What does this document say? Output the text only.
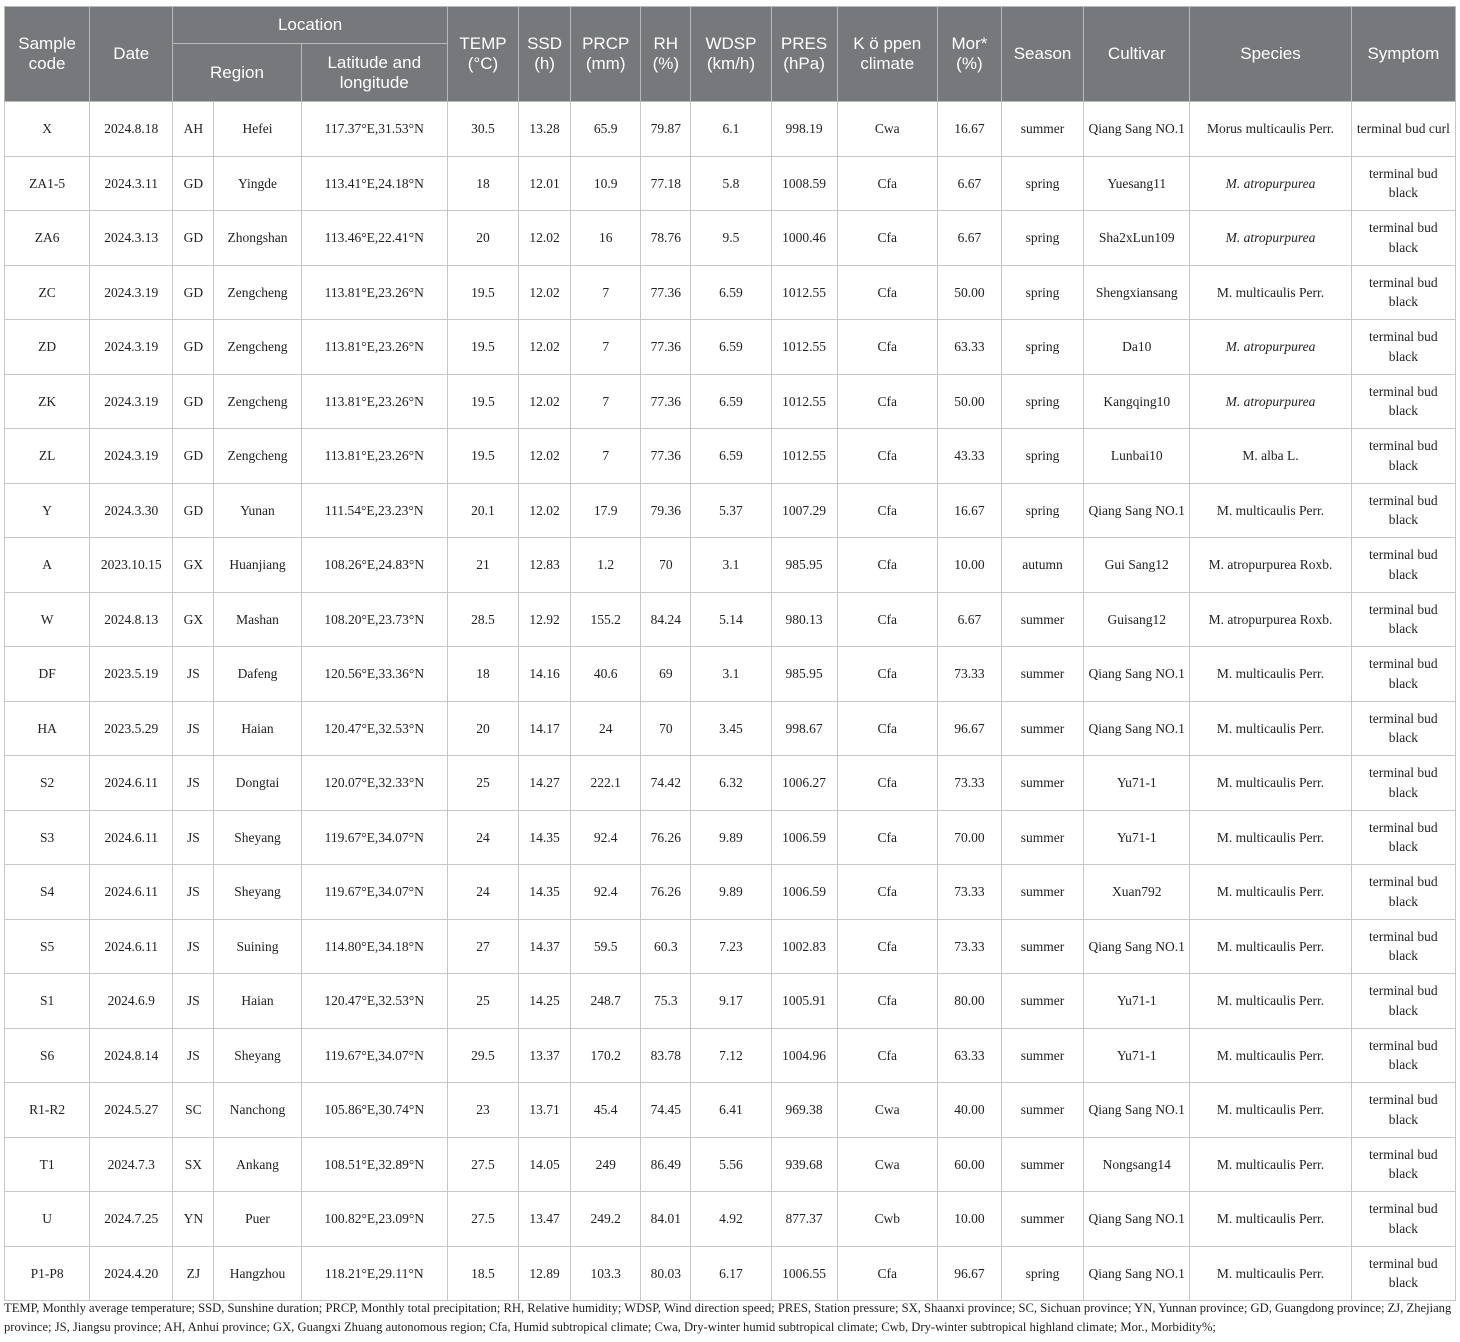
Sample code	Date	Location			TEMP (°C)	SSD (h)	PRCP (mm)	RH (%)	WDSP (km/h)	PRES (hPa)	K ö ppen climate	Mor* (%)	Season	Cultivar	Species	Symptom
		Region		Latitude and longitude												
X	2024.8.18	AH	Hefei	117.37°E,31.53°N	30.5	13.28	65.9	79.87	6.1	998.19	Cwa	16.67	summer	Qiang Sang NO.1	Morus multicaulis Perr.	terminal bud curl
ZA1-5	2024.3.11	GD	Yingde	113.41°E,24.18°N	18	12.01	10.9	77.18	5.8	1008.59	Cfa	6.67	spring	Yuesang11	M. atropurpurea	terminal bud black
ZA6	2024.3.13	GD	Zhongshan	113.46°E,22.41°N	20	12.02	16	78.76	9.5	1000.46	Cfa	6.67	spring	Sha2xLun109	M. atropurpurea	terminal bud black
ZC	2024.3.19	GD	Zengcheng	113.81°E,23.26°N	19.5	12.02	7	77.36	6.59	1012.55	Cfa	50.00	spring	Shengxiansang	M. multicaulis Perr.	terminal bud black
ZD	2024.3.19	GD	Zengcheng	113.81°E,23.26°N	19.5	12.02	7	77.36	6.59	1012.55	Cfa	63.33	spring	Da10	M. atropurpurea	terminal bud black
ZK	2024.3.19	GD	Zengcheng	113.81°E,23.26°N	19.5	12.02	7	77.36	6.59	1012.55	Cfa	50.00	spring	Kangqing10	M. atropurpurea	terminal bud black
ZL	2024.3.19	GD	Zengcheng	113.81°E,23.26°N	19.5	12.02	7	77.36	6.59	1012.55	Cfa	43.33	spring	Lunbai10	M. alba L.	terminal bud black
Y	2024.3.30	GD	Yunan	111.54°E,23.23°N	20.1	12.02	17.9	79.36	5.37	1007.29	Cfa	16.67	spring	Qiang Sang NO.1	M. multicaulis Perr.	terminal bud black
A	2023.10.15	GX	Huanjiang	108.26°E,24.83°N	21	12.83	1.2	70	3.1	985.95	Cfa	10.00	autumn	Gui Sang12	M. atropurpurea Roxb.	terminal bud black
W	2024.8.13	GX	Mashan	108.20°E,23.73°N	28.5	12.92	155.2	84.24	5.14	980.13	Cfa	6.67	summer	Guisang12	M. atropurpurea Roxb.	terminal bud black
DF	2023.5.19	JS	Dafeng	120.56°E,33.36°N	18	14.16	40.6	69	3.1	985.95	Cfa	73.33	summer	Qiang Sang NO.1	M. multicaulis Perr.	terminal bud black
HA	2023.5.29	JS	Haian	120.47°E,32.53°N	20	14.17	24	70	3.45	998.67	Cfa	96.67	summer	Qiang Sang NO.1	M. multicaulis Perr.	terminal bud black
S2	2024.6.11	JS	Dongtai	120.07°E,32.33°N	25	14.27	222.1	74.42	6.32	1006.27	Cfa	73.33	summer	Yu71-1	M. multicaulis Perr.	terminal bud black
S3	2024.6.11	JS	Sheyang	119.67°E,34.07°N	24	14.35	92.4	76.26	9.89	1006.59	Cfa	70.00	summer	Yu71-1	M. multicaulis Perr.	terminal bud black
S4	2024.6.11	JS	Sheyang	119.67°E,34.07°N	24	14.35	92.4	76.26	9.89	1006.59	Cfa	73.33	summer	Xuan792	M. multicaulis Perr.	terminal bud black
S5	2024.6.11	JS	Suining	114.80°E,34.18°N	27	14.37	59.5	60.3	7.23	1002.83	Cfa	73.33	summer	Qiang Sang NO.1	M. multicaulis Perr.	terminal bud black
S1	2024.6.9	JS	Haian	120.47°E,32.53°N	25	14.25	248.7	75.3	9.17	1005.91	Cfa	80.00	summer	Yu71-1	M. multicaulis Perr.	terminal bud black
S6	2024.8.14	JS	Sheyang	119.67°E,34.07°N	29.5	13.37	170.2	83.78	7.12	1004.96	Cfa	63.33	summer	Yu71-1	M. multicaulis Perr.	terminal bud black
R1-R2	2024.5.27	SC	Nanchong	105.86°E,30.74°N	23	13.71	45.4	74.45	6.41	969.38	Cwa	40.00	summer	Qiang Sang NO.1	M. multicaulis Perr.	terminal bud black
T1	2024.7.3	SX	Ankang	108.51°E,32.89°N	27.5	14.05	249	86.49	5.56	939.68	Cwa	60.00	summer	Nongsang14	M. multicaulis Perr.	terminal bud black
U	2024.7.25	YN	Puer	100.82°E,23.09°N	27.5	13.47	249.2	84.01	4.92	877.37	Cwb	10.00	summer	Qiang Sang NO.1	M. multicaulis Perr.	terminal bud black
P1-P8	2024.4.20	ZJ	Hangzhou	118.21°E,29.11°N	18.5	12.89	103.3	80.03	6.17	1006.55	Cfa	96.67	spring	Qiang Sang NO.1	M. multicaulis Perr.	terminal bud black
TEMP, Monthly average temperature; SSD, Sunshine duration; PRCP, Monthly total precipitation; RH, Relative humidity; WDSP, Wind direction speed; PRES, Station pressure; SX, Shaanxi province; SC, Sichuan province; YN, Yunnan province; GD, Guangdong province; ZJ, Zhejiang province; JS, Jiangsu province; AH, Anhui province; GX, Guangxi Zhuang autonomous region; Cfa, Humid subtropical climate; Cwa, Dry-winter humid subtropical climate; Cwb, Dry-winter subtropical highland climate; Mor., Morbidity%;
